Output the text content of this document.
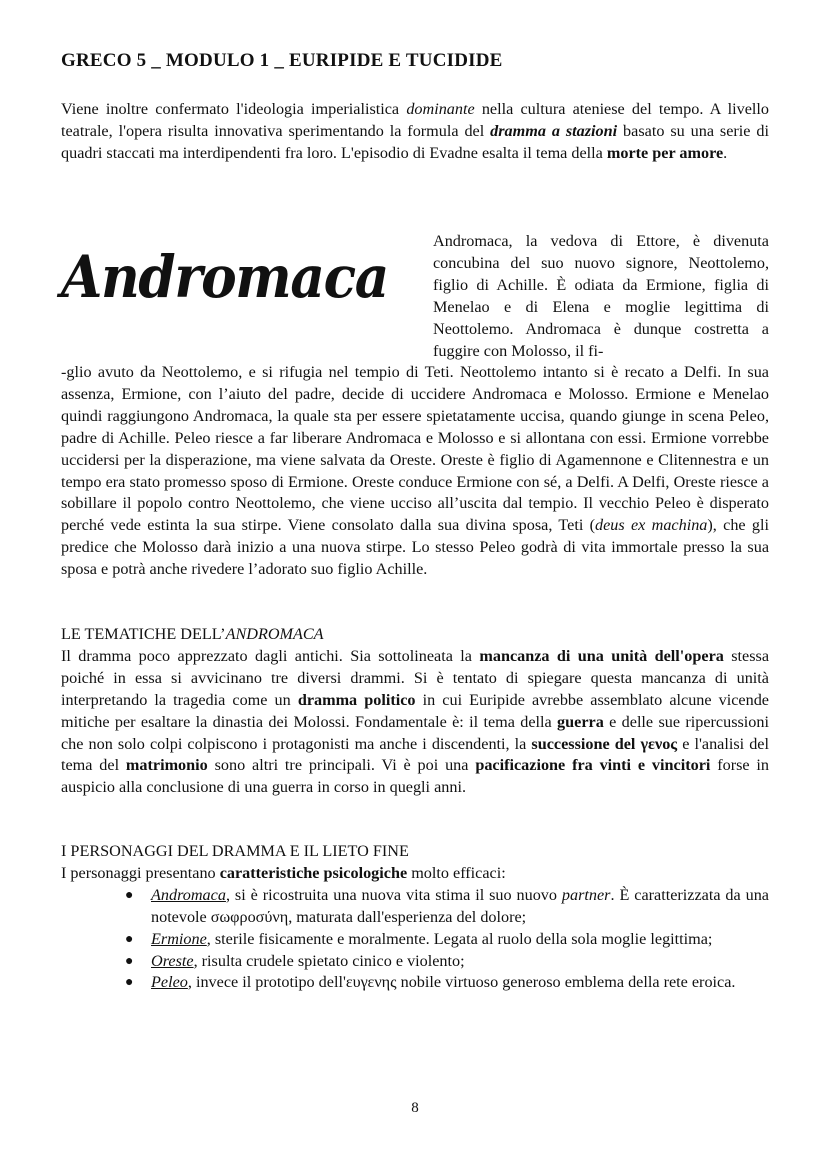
GRECO 5 _ MODULO 1 _ EURIPIDE E TUCIDIDE

Viene inoltre confermato l'ideologia imperialistica dominante nella cultura ateniese del tempo. A livello teatrale, l'opera risulta innovativa sperimentando la formula del dramma a stazioni basato su una serie di quadri staccati ma interdipendenti fra loro. L'episodio di Evadne esalta il tema della morte per amore.

Andromaca

Andromaca, la vedova di Ettore, è divenuta concubina del suo nuovo signore, Neottolemo, figlio di Achille. È odiata da Ermione, figlia di Menelao e di Elena e moglie legittima di Neottolemo. Andromaca è dunque costretta a fuggire con Molosso, il fi-

-glio avuto da Neottolemo, e si rifugia nel tempio di Teti. Neottolemo intanto si è recato a Delfi. In sua assenza, Ermione, con l’aiuto del padre, decide di uccidere Andromaca e Molosso. Ermione e Menelao quindi raggiungono Andromaca, la quale sta per essere spietatamente uccisa, quando giunge in scena Peleo, padre di Achille. Peleo riesce a far liberare Andromaca e Molosso e si allontana con essi. Ermione vorrebbe uccidersi per la disperazione, ma viene salvata da Oreste. Oreste è figlio di Agamennone e Clitennestra e un tempo era stato promesso sposo di Ermione. Oreste conduce Ermione con sé, a Delfi. A Delfi, Oreste riesce a sobillare il popolo contro Neottolemo, che viene ucciso all’uscita dal tempio. Il vecchio Peleo è disperato perché vede estinta la sua stirpe. Viene consolato dalla sua divina sposa, Teti (deus ex machina), che gli predice che Molosso darà inizio a una nuova stirpe. Lo stesso Peleo godrà di vita immortale presso la sua sposa e potrà anche rivedere l’adorato suo figlio Achille.

LE TEMATICHE DELL’ANDROMACA

Il dramma poco apprezzato dagli antichi. Sia sottolineata la mancanza di una unità dell'opera stessa poiché in essa si avvicinano tre diversi drammi. Si è tentato di spiegare questa mancanza di unità interpretando la tragedia come un dramma politico in cui Euripide avrebbe assemblato alcune vicende mitiche per esaltare la dinastia dei Molossi. Fondamentale è: il tema della guerra e delle sue ripercussioni che non solo colpi colpiscono i protagonisti ma anche i discendenti, la successione del γενος e l'analisi del tema del matrimonio sono altri tre principali. Vi è poi una pacificazione fra vinti e vincitori forse in auspicio alla conclusione di una guerra in corso in quegli anni.

I PERSONAGGI DEL DRAMMA E IL LIETO FINE

I personaggi presentano caratteristiche psicologiche molto efficaci:

● Andromaca, si è ricostruita una nuova vita stima il suo nuovo partner. È caratterizzata da una notevole σωφροσύνη, maturata dall'esperienza del dolore;
● Ermione, sterile fisicamente e moralmente. Legata al ruolo della sola moglie legittima;
● Oreste, risulta crudele spietato cinico e violento;
● Peleo, invece il prototipo dell'ευγενης nobile virtuoso generoso emblema della rete eroica.
8
